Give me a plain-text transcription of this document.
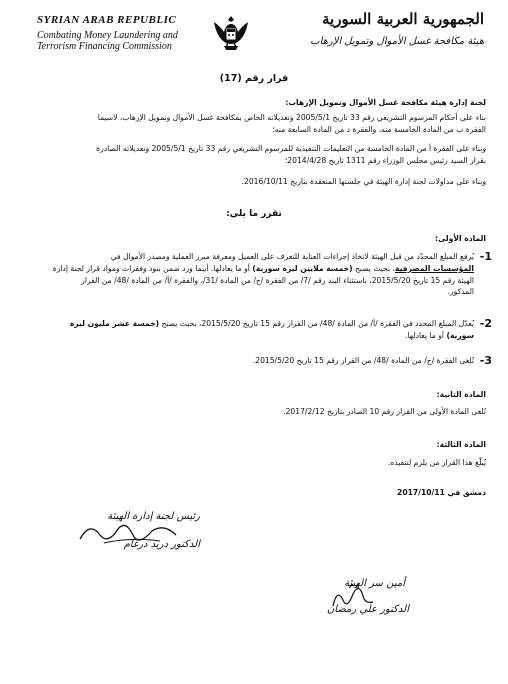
SYRIAN ARAB REPUBLIC
Combating Money Laundering and
Terrorism Financing Commission
الجمهورية العربية السورية
هيئة مكافحة غسل الأموال وتمويل الإرهاب
قرار رقم (17)
لجنة إدارة هيئة مكافحة غسل الأموال وتمويل الإرهاب:
بناء على أحكام المرسوم التشريعي رقم 33 تاريخ 2005/5/1 وتعديلاته الخاص بمكافحة غسل الأموال وتمويل الإرهاب، لاسيما
الفقرة ب من المادة الخامسة منه، والفقرة د من المادة السابعة منه؛
وبناء على الفقرة أ من المادة الخامسة من التعليمات التنفيذية للمرسوم التشريعي رقم 33 تاريخ 2005/5/1 وتعديلاته الصادرة
بقرار السيد رئيس مجلس الوزراء رقم 1311 تاريخ 2014/4/28؛
وبناء على مداولات لجنة إدارة الهيئة في جلستها المنعقدة بتاريخ 2016/10/11.
تقرر ما يلي:
المادة الأولى:
1-
يُرفع المبلغ المحدّد من قبل الهيئة لاتخاذ إجراءات العناية للتعرف على العميل ومعرفة مبرر العملية ومصدر الأموال في
المؤسسات المصرفية، بحيث يصبح (خمسة ملايين ليرة سورية) أو ما يعادلها. أينما ورد ضمن بنود وفقرات ومواد قرار لجنة إدارة
الهيئة رقم 15 تاريخ 2015/5/20، باستثناء البند رقم /7/ من الفقرة /ج/ من المادة /31/، والفقرة /أ/ من المادة /48/ من القرار
المذكور.
2-
يُعدّل المبلغ المحدد في الفقرة /أ/ من المادة /48/ من القرار رقم 15 تاريخ 2015/5/20، بحيث يصبح (خمسة عشر مليون ليرة
سورية) أو ما يعادلها.
3-
تُلغى الفقرة /ج/ من المادة /48/ من القرار رقم 15 تاريخ 2015/5/20.
المادة الثانية:
تُلغى المادة الأولى من القرار رقم 10 الصادر بتاريخ 2017/2/12.
المادة الثالثة:
يُبلّغ هذا القرار من يلزم لتنفيذه.
دمشق في 2017/10/11
رئيس لجنة إدارة الهيئة
الدكتور دريد درغام
أمين سر الهيئة
الدكتور علي رمضان
